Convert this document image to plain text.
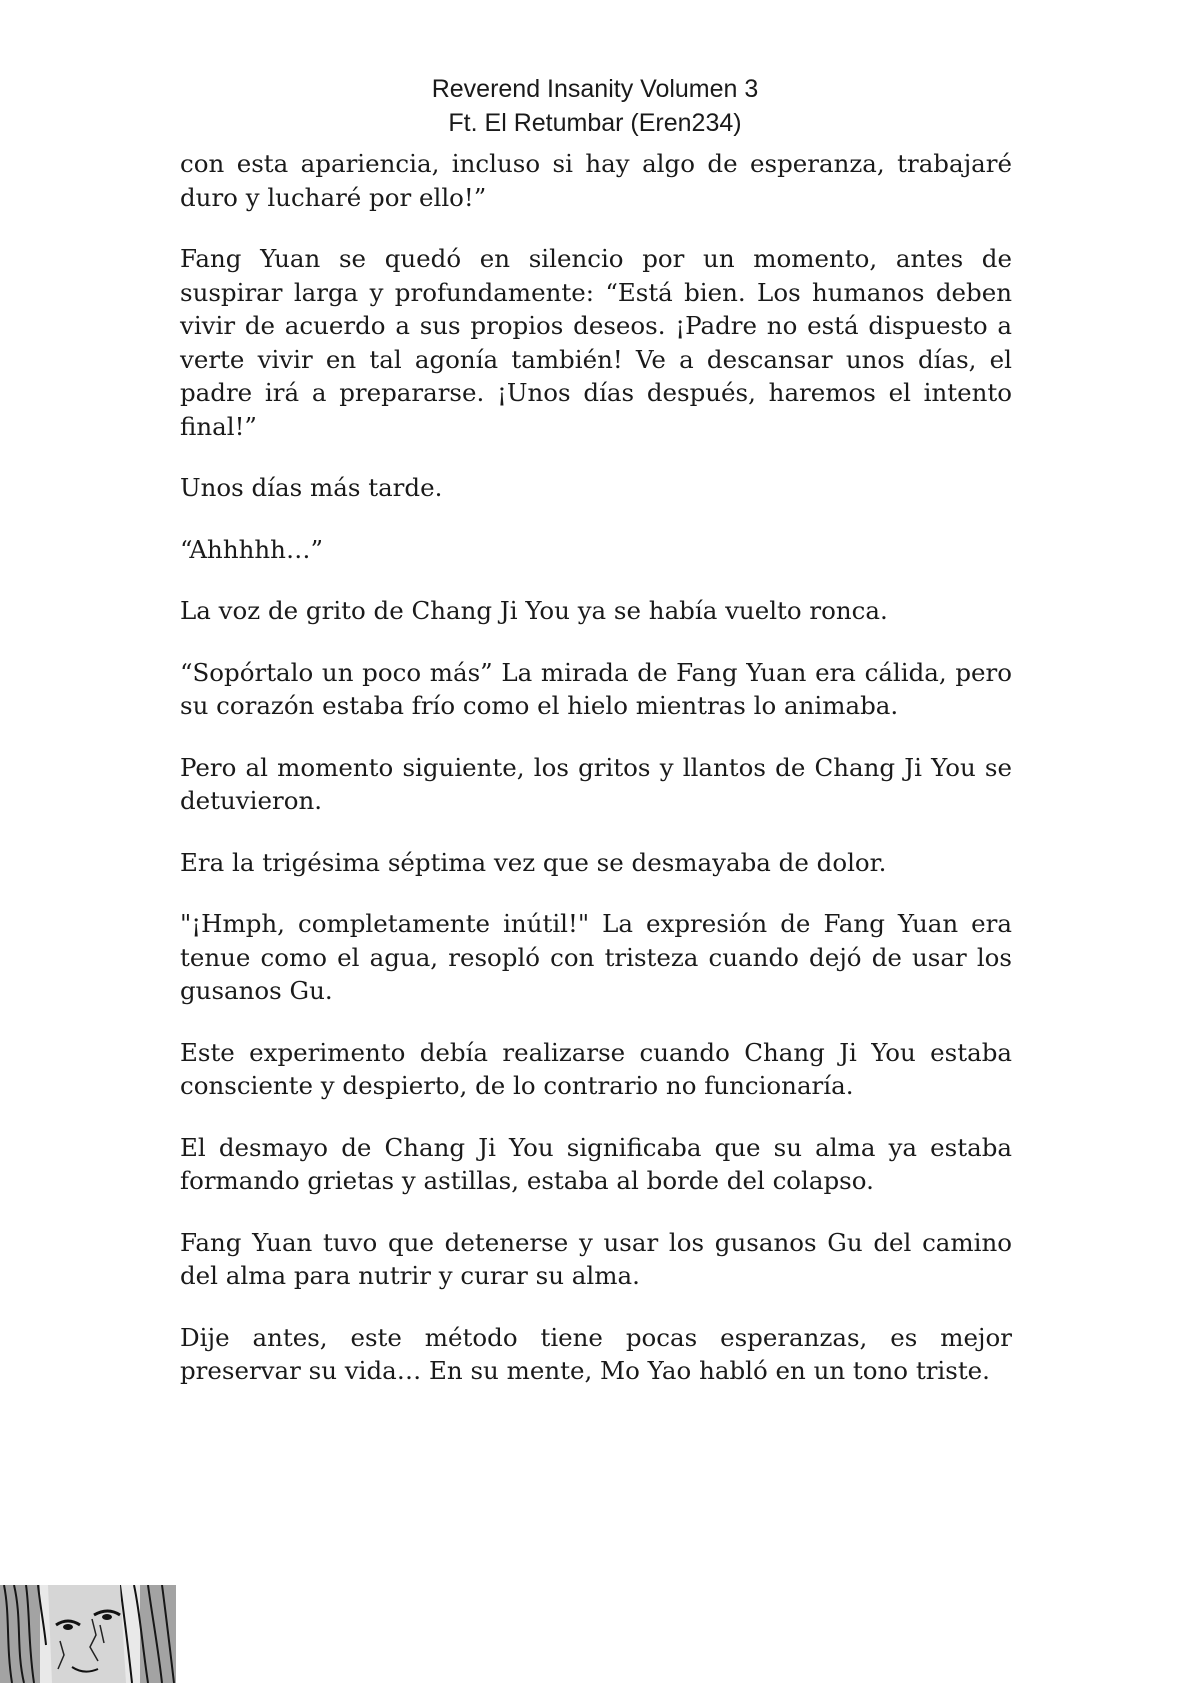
Reverend Insanity Volumen 3
Ft. El Retumbar (Eren234)

con esta apariencia, incluso si hay algo de esperanza, trabajaré duro y lucharé por ello!”

Fang Yuan se quedó en silencio por un momento, antes de suspirar larga y profundamente: “Está bien. Los humanos deben vivir de acuerdo a sus propios deseos. ¡Padre no está dispuesto a verte vivir en tal agonía también! Ve a descansar unos días, el padre irá a prepararse. ¡Unos días después, haremos el intento final!”

Unos días más tarde.

“Ahhhhh…”

La voz de grito de Chang Ji You ya se había vuelto ronca.

“Sopórtalo un poco más” La mirada de Fang Yuan era cálida, pero su corazón estaba frío como el hielo mientras lo animaba.

Pero al momento siguiente, los gritos y llantos de Chang Ji You se detuvieron.

Era la trigésima séptima vez que se desmayaba de dolor.

"¡Hmph, completamente inútil!" La expresión de Fang Yuan era tenue como el agua, resopló con tristeza cuando dejó de usar los gusanos Gu.

Este experimento debía realizarse cuando Chang Ji You estaba consciente y despierto, de lo contrario no funcionaría.

El desmayo de Chang Ji You significaba que su alma ya estaba formando grietas y astillas, estaba al borde del colapso.

Fang Yuan tuvo que detenerse y usar los gusanos Gu del camino del alma para nutrir y curar su alma.

Dije antes, este método tiene pocas esperanzas, es mejor preservar su vida… En su mente, Mo Yao habló en un tono triste.
